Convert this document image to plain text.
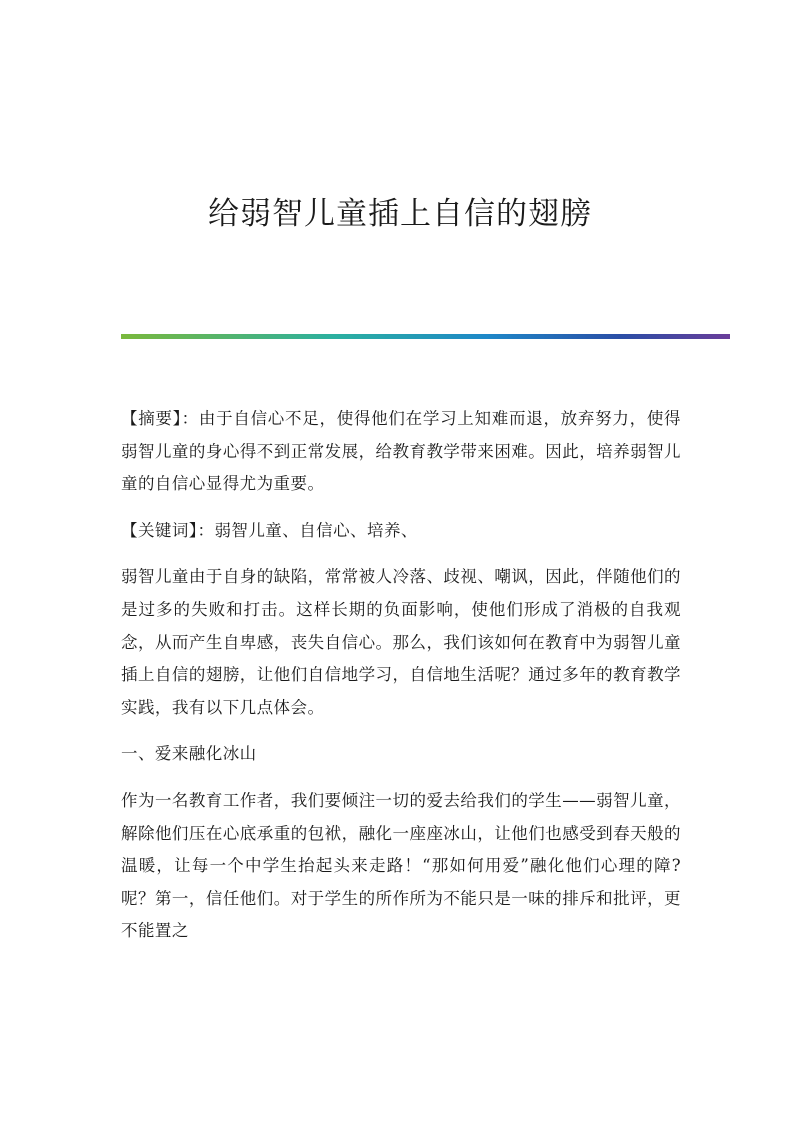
给弱智儿童插上自信的翅膀

【摘要】：由于自信心不足，使得他们在学习上知难而退，放弃努力，使得弱智儿童的身心得不到正常发展，给教育教学带来困难。因此，培养弱智儿童的自信心显得尤为重要。

【关键词】：弱智儿童、自信心、培养、

弱智儿童由于自身的缺陷，常常被人冷落、歧视、嘲讽，因此，伴随他们的是过多的失败和打击。这样长期的负面影响，使他们形成了消极的自我观念，从而产生自卑感，丧失自信心。那么，我们该如何在教育中为弱智儿童插上自信的翅膀，让他们自信地学习，自信地生活呢？通过多年的教育教学实践，我有以下几点体会。

一、爱来融化冰山

作为一名教育工作者，我们要倾注一切的爱去给我们的学生——弱智儿童，解除他们压在心底承重的包袱，融化一座座冰山，让他们也感受到春天般的温暖，让每一个中学生抬起头来走路！“那如何用爱”融化他们心理的障?呢？第一，信任他们。对于学生的所作所为不能只是一味的排斥和批评，更不能置之
